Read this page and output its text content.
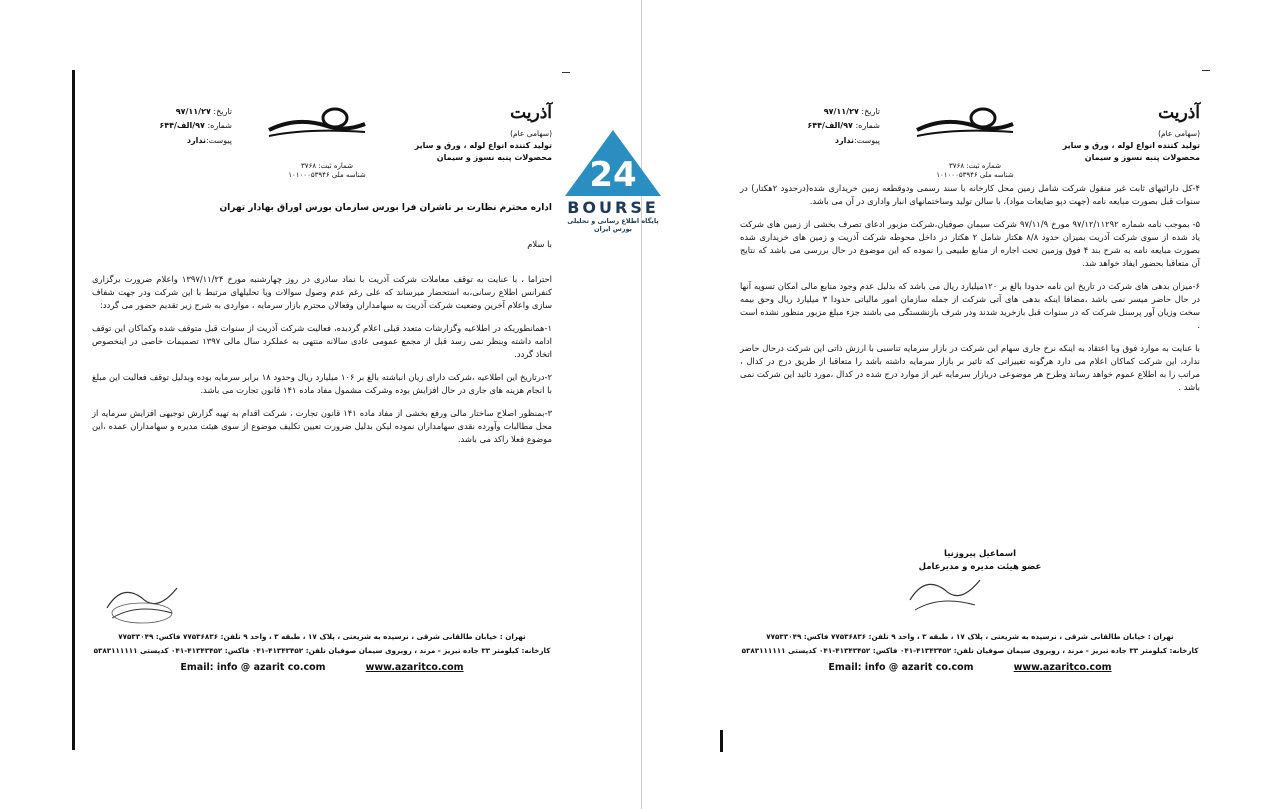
آذریت
(سهامی عام)
تولید کننده انواع لوله ، ورق و سایر
محصولات پنبه نسوز و سیمان
شماره ثبت: ۳۷۶۸
شناسه ملی ۱۰۱۰۰۰۵۳۹۴۶
تاریخ: ۹۷/۱۱/۲۷
شماره: ۹۷/الف/۶۴۴
پیوست:ندارد

اداره محترم نظارت بر ناشران فرا بورس سازمان بورس اوراق بهادار تهران

با سلام

احتراما ، با عنایت به توقف معاملات شرکت آذریت با نماد ساذری در روز چهارشنبه مورخ ۱۳۹۷/۱۱/۲۴ واعلام ضرورت برگزاری کنفرانس اطلاع رسانی،به استحضار میرساند که علی رغم عدم وصول سوالات ویا تحلیلهای مرتبط با این شرکت ودر جهت شفاف سازی واعلام آخرین وضعیت شرکت آذریت به سهامداران وفعالان محترم بازار سرمایه ، مواردی به شرح زیر تقدیم حضور می گردد:

۱-همانطوریکه در اطلاعیه وگزارشات متعدد قبلی اعلام گردیده، فعالیت شرکت آذریت از سنوات قبل متوقف شده وکماکان این توقف ادامه داشته وبنظر نمی رسد قبل از مجمع عمومی عادی سالانه منتهی به عملکرد سال مالی ۱۳۹۷ تصمیمات خاصی در اینخصوص اتخاذ گردد.

۲-درتاریخ این اطلاعیه ،شرکت دارای زیان انباشته بالغ بر ۱۰۶ میلیارد ریال وحدود ۱۸ برابر سرمایه بوده وبدلیل توقف فعالیت این مبلغ با انجام هزینه های جاری در حال افزایش بوده وشرکت مشمول مفاد ماده ۱۴۱ قانون تجارت می باشد.

۳-بمنظور اصلاح ساختار مالی ورفع بخشی از مفاد ماده ۱۴۱ قانون تجارت ، شرکت اقدام به تهیه گزارش توجیهی افزایش سرمایه از محل مطالبات وآورده نقدی سهامداران نموده لیکن بدلیل ضرورت تعیین تکلیف موضوع از سوی هیئت مدیره و سهامداران عمده ،این موضوع فعلا راکد می باشد.

تهران : خیابان طالقانی شرقی ، نرسیده به شریعتی ، پلاک ۱۷ ، طبقه ۳ ، واحد ۹ تلفن: ۷۷۵۳۶۸۳۶ فاکس: ۷۷۵۳۳۰۴۹
کارخانه: کیلومتر ۳۳ جاده تبریز - مرند ، روبروی سیمان صوفیان تلفن: ۴۱۳۴۳۴۵۲-۰۴۱ فاکس: ۴۱۳۴۳۴۵۲-۰۴۱ کدپستی ۵۳۸۳۱۱۱۱۱۱
Email: info @ azarit co.com	www.azaritco.com
24
BOURSE
پایگاه اطلاع رسانی و تحلیلی بورس ایران
آذریت
(سهامی عام)
تولید کننده انواع لوله ، ورق و سایر
محصولات پنبه نسوز و سیمان
شماره ثبت: ۳۷۶۸
شناسه ملی ۱۰۱۰۰۰۵۳۹۴۶
تاریخ: ۹۷/۱۱/۲۷
شماره: ۹۷/الف/۶۴۴
پیوست:ندارد

۴-کل دارائیهای ثابت غیر منقول شرکت شامل زمین محل کارخانه با سند رسمی ودوقطعه زمین خریداری شده(درحدود ۲هکتار) در سنوات قبل بصورت مبایعه نامه (جهت دپو ضایعات مواد)، با سالن تولید وساختمانهای انبار واداری در آن می باشد.

۵- بموجب نامه شماره ۹۷/۱۲/۱۱۲۹۲ مورخ ۹۷/۱۱/۹ شرکت سیمان صوفیان،شرکت مزبور ادعای تصرف بخشی از زمین های شرکت یاد شده از سوی شرکت آذریت بمیزان حدود ۸/۸ هکتار شامل ۲ هکتار در داخل محوطه شرکت آذریت و زمین های خریداری شده بصورت مبایعه نامه به شرح بند ۴ فوق وزمین تحت اجاره از منابع طبیعی را نموده که این موضوع در حال بررسی می باشد که نتایج آن متعاقبا بحضور ایفاد خواهد شد.

۶-میزان بدهی های شرکت در تاریخ این نامه حدودا بالغ بر ۱۲۰میلیارد ریال می باشد که بدلیل عدم وجود منابع مالی امکان تسویه آنها در حال حاضر میسر نمی باشد ،مضافا اینکه بدهی های آتی شرکت از جمله سازمان امور مالیاتی حدودا ۳ میلیارد ریال وحق بیمه سخت وزیان آور پرسنل شرکت که در سنوات قبل بازخرید شدند ودر شرف بازنشستگی می باشند جزء مبلغ مزبور منظور نشده است .

با عنایت به موارد فوق وبا اعتقاد به اینکه نرخ جاری سهام این شرکت در بازار سرمایه تناسبی با ارزش ذاتی این شرکت درحال حاضر ندارد، این شرکت کماکان اعلام می دارد هرگونه تغییراتی که تاثیر بر بازار سرمایه داشته باشد را متعاقبا از طریق درج در کدال ، مراتب را به اطلاع عموم خواهد رساند وطرح هر موضوعی دربازار سرمایه غیر از موارد درج شده در کدال ،مورد تائید این شرکت نمی باشد .

اسماعیل پیروزنیا
عضو هیئت مدیره و مدیرعامل
تهران : خیابان طالقانی شرقی ، نرسیده به شریعتی ، پلاک ۱۷ ، طبقه ۳ ، واحد ۹ تلفن: ۷۷۵۳۶۸۳۶ فاکس: ۷۷۵۳۳۰۴۹
کارخانه: کیلومتر ۳۳ جاده تبریز - مرند ، روبروی سیمان صوفیان تلفن: ۴۱۳۴۳۴۵۲-۰۴۱ فاکس: ۴۱۳۴۳۴۵۲-۰۴۱ کدپستی ۵۳۸۳۱۱۱۱۱۱
Email: info @ azarit co.com	www.azaritco.com
